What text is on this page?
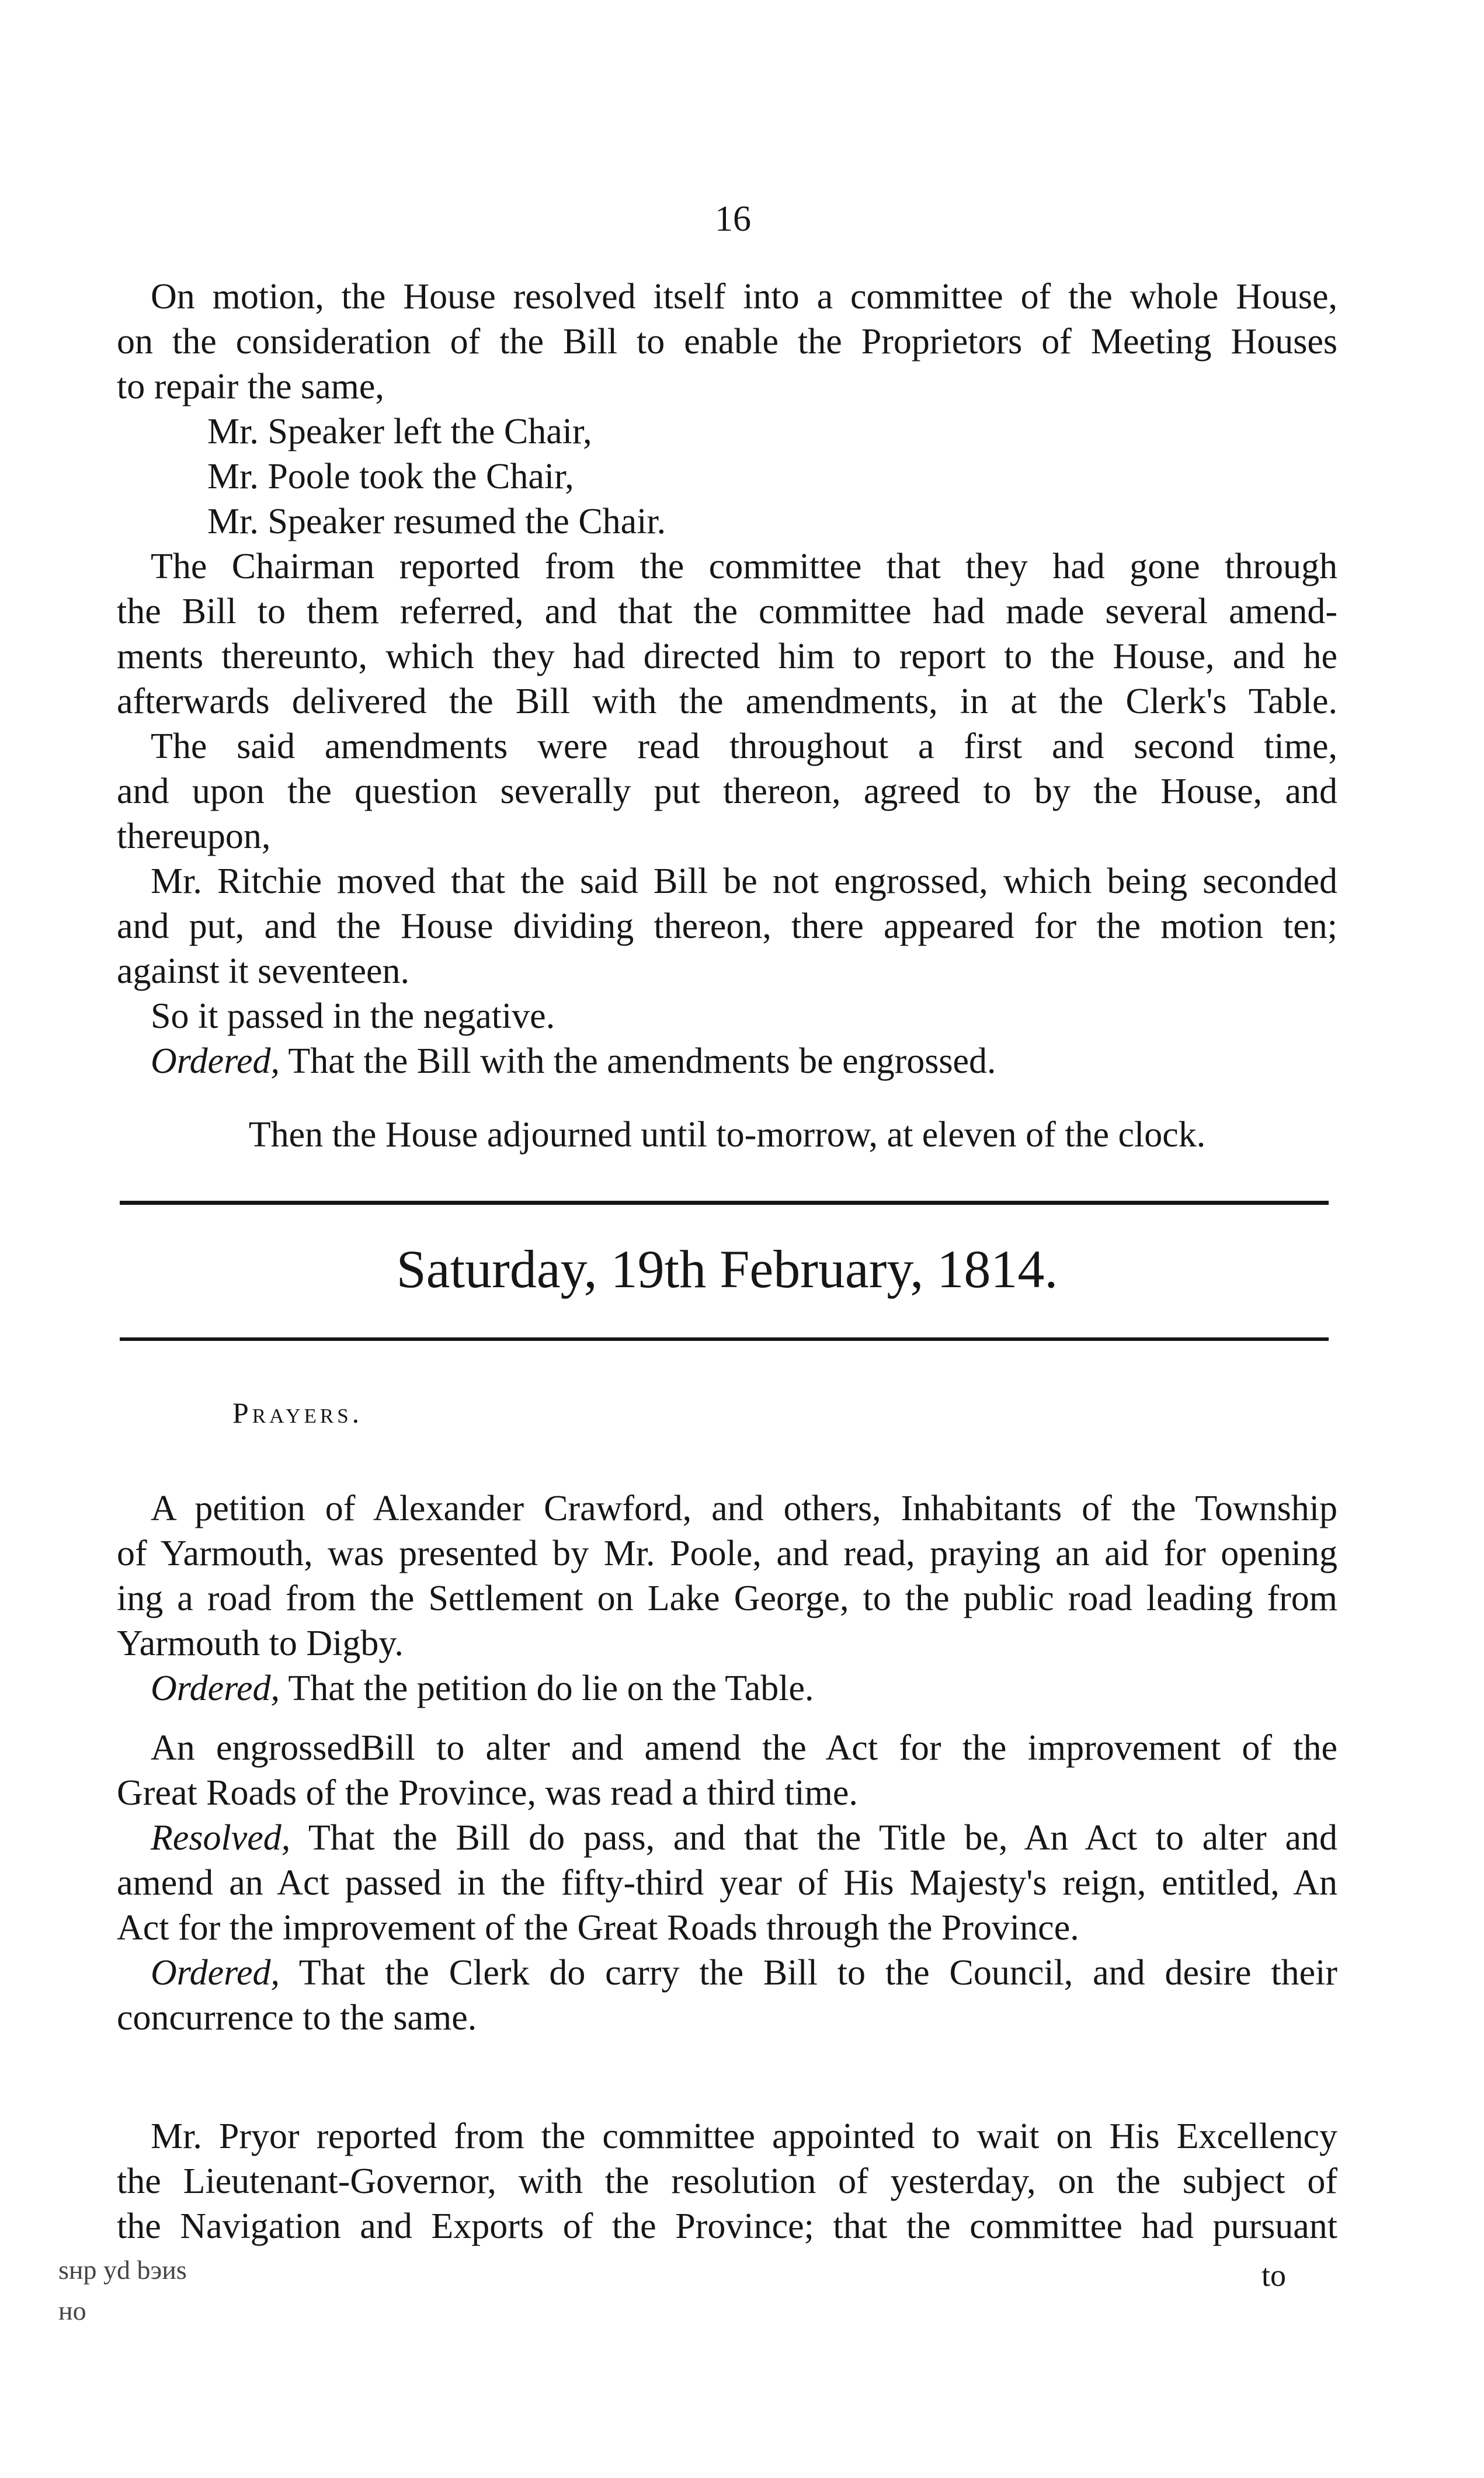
16
On motion, the House resolved itself into a committee of the whole House,
on the consideration of the Bill to enable the Proprietors of Meeting Houses
to repair the same,
Mr. Speaker left the Chair,
Mr. Poole took the Chair,
Mr. Speaker resumed the Chair.
The Chairman reported from the committee that they had gone through
the Bill to them referred, and that the committee had made several amend-
ments thereunto, which they had directed him to report to the House, and he
afterwards delivered the Bill with the amendments, in at the Clerk's Table.
The said amendments were read throughout a first and second time,
and upon the question severally put thereon, agreed to by the House, and
thereupon,
Mr. Ritchie moved that the said Bill be not engrossed, which being seconded
and put, and the House dividing thereon, there appeared for the motion ten;
against it seventeen.
So it passed in the negative.
Ordered, That the Bill with the amendments be engrossed.
Then the House adjourned until to-morrow, at eleven of the clock.
Saturday, 19th February, 1814.
Prayers.
A petition of Alexander Crawford, and others, Inhabitants of the Township
of Yarmouth, was presented by Mr. Poole, and read, praying an aid for opening
ing a road from the Settlement on Lake George, to the public road leading from
Yarmouth to Digby.
Ordered, That the petition do lie on the Table.
An engrossedBill to alter and amend the Act for the improvement of the
Great Roads of the Province, was read a third time.
Resolved, That the Bill do pass, and that the Title be, An Act to alter and
amend an Act passed in the fifty-third year of His Majesty's reign, entitled, An
Act for the improvement of the Great Roads through the Province.
Ordered, That the Clerk do carry the Bill to the Council, and desire their
concurrence to the same.
Mr. Pryor reported from the committee appointed to wait on His Excellency
the Lieutenant-Governor, with the resolution of yesterday, on the subject of
the Navigation and Exports of the Province; that the committee had pursuant
to
ѕнр уd bэиѕ
но
